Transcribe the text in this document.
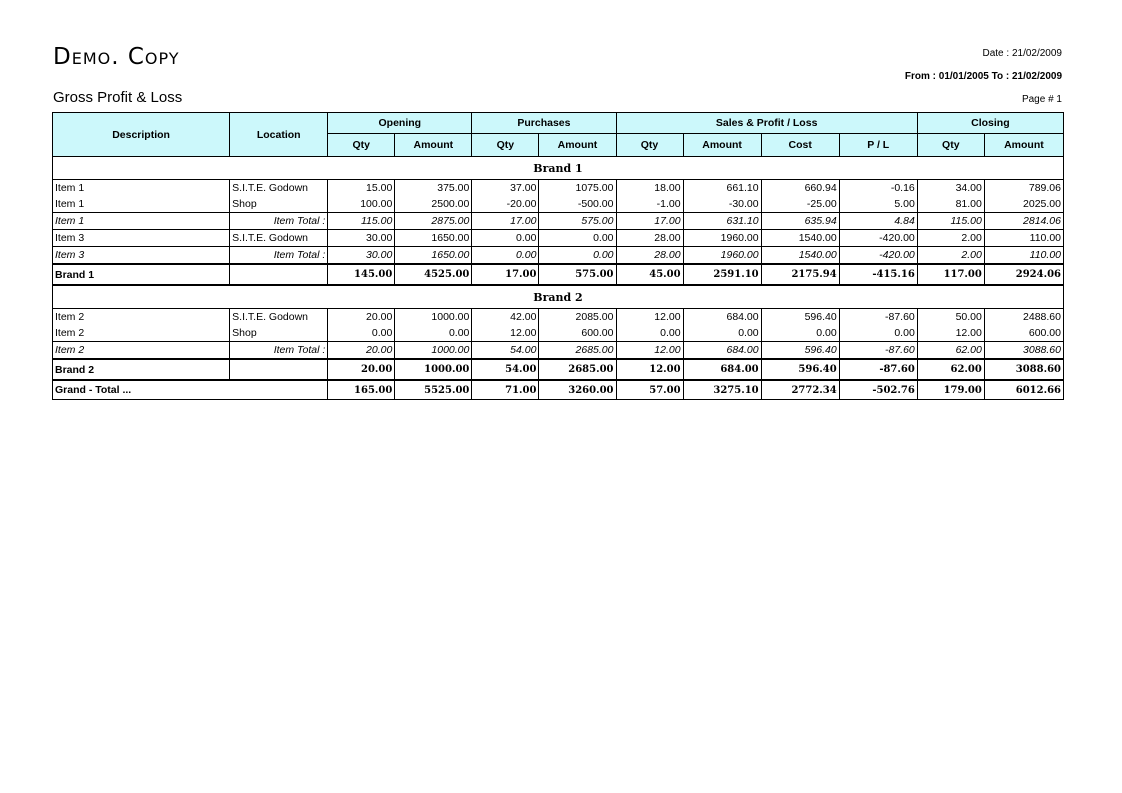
Demo. Copy
Gross Profit & Loss
Date : 21/02/2009
From : 01/01/2005 To : 21/02/2009
Page # 1
Description	Location	Opening		Purchases		Sales & Profit / Loss				Closing	
		Qty	Amount	Qty	Amount	Qty	Amount	Cost	P / L	Qty	Amount
Brand 1											
Item 1	S.I.T.E. Godown	15.00	375.00	37.00	1075.00	18.00	661.10	660.94	-0.16	34.00	789.06
Item 1	Shop	100.00	2500.00	-20.00	-500.00	-1.00	-30.00	-25.00	5.00	81.00	2025.00
Item 1	Item Total :	115.00	2875.00	17.00	575.00	17.00	631.10	635.94	4.84	115.00	2814.06
Item 3	S.I.T.E. Godown	30.00	1650.00	0.00	0.00	28.00	1960.00	1540.00	-420.00	2.00	110.00
Item 3	Item Total :	30.00	1650.00	0.00	0.00	28.00	1960.00	1540.00	-420.00	2.00	110.00
Brand 1		145.00	4525.00	17.00	575.00	45.00	2591.10	2175.94	-415.16	117.00	2924.06
Brand 2											
Item 2	S.I.T.E. Godown	20.00	1000.00	42.00	2085.00	12.00	684.00	596.40	-87.60	50.00	2488.60
Item 2	Shop	0.00	0.00	12.00	600.00	0.00	0.00	0.00	0.00	12.00	600.00
Item 2	Item Total :	20.00	1000.00	54.00	2685.00	12.00	684.00	596.40	-87.60	62.00	3088.60
Brand 2		20.00	1000.00	54.00	2685.00	12.00	684.00	596.40	-87.60	62.00	3088.60
Grand - Total ...		165.00	5525.00	71.00	3260.00	57.00	3275.10	2772.34	-502.76	179.00	6012.66
